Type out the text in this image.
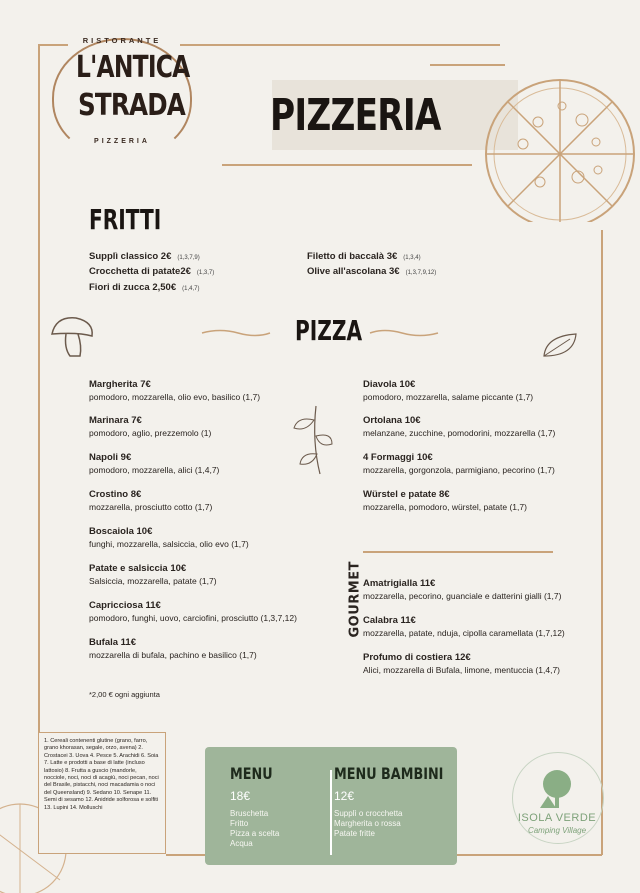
RISTORANTE
L'ANTICA
STRADA
PIZZERIA
PIZZERIA
FRITTI
Supplì classico 2€ (1,3,7,9)
Crocchetta di patate2€ (1,3,7)
Fiori di zucca 2,50€ (1,4,7)
Filetto di baccalà 3€ (1,3,4)
Olive all'ascolana 3€ (1,3,7,9,12)
PIZZA
Margherita 7€
pomodoro, mozzarella, olio evo, basilico (1,7)
Marinara 7€
pomodoro, aglio, prezzemolo (1)
Napoli 9€
pomodoro, mozzarella, alici (1,4,7)
Crostino 8€
mozzarella, prosciutto cotto (1,7)
Boscaiola 10€
funghi, mozzarella, salsiccia, olio evo (1,7)
Patate e salsiccia 10€
Salsiccia, mozzarella, patate (1,7)
Capricciosa 11€
pomodoro, funghi, uovo, carciofini, prosciutto (1,3,7,12)
Bufala 11€
mozzarella di bufala, pachino e basilico (1,7)
Diavola 10€
pomodoro, mozzarella, salame piccante (1,7)
Ortolana 10€
melanzane, zucchine, pomodorini, mozzarella (1,7)
4 Formaggi 10€
mozzarella, gorgonzola, parmigiano, pecorino (1,7)
Würstel e patate 8€
mozzarella, pomodoro, würstel, patate (1,7)
GOURMET Amatrigialla 11€
mozzarella, pecorino, guanciale e datterini gialli (1,7)
Calabra 11€
mozzarella, patate, nduja, cipolla caramellata (1,7,12)
Profumo di costiera 12€
Alici, mozzarella di Bufala, limone, mentuccia (1,4,7)
*2,00 € ogni aggiunta
1. Cereali contenenti glutine (grano, farro, grano khorasan, segale, orzo, avena) 2. Crostacei 3. Uova 4. Pesce 5. Arachidi 6. Soia 7. Latte e prodotti a base di latte (incluso lattosio) 8. Frutta a guscio (mandorle, nocciole, noci, noci di acagiù, noci pecan, noci del Brasile, pistacchi, noci macadamia o noci del Queensland) 9. Sedano 10. Senape 11. Semi di sesamo 12. Anidride solforosa e solfiti 13. Lupini 14. Molluschi
MENU
18€
Bruschetta
Fritto
Pizza a scelta
Acqua
MENU BAMBINI
12€
Supplì o crocchetta
Margherita o rossa
Patate fritte
ISOLA VERDE
Camping Village
